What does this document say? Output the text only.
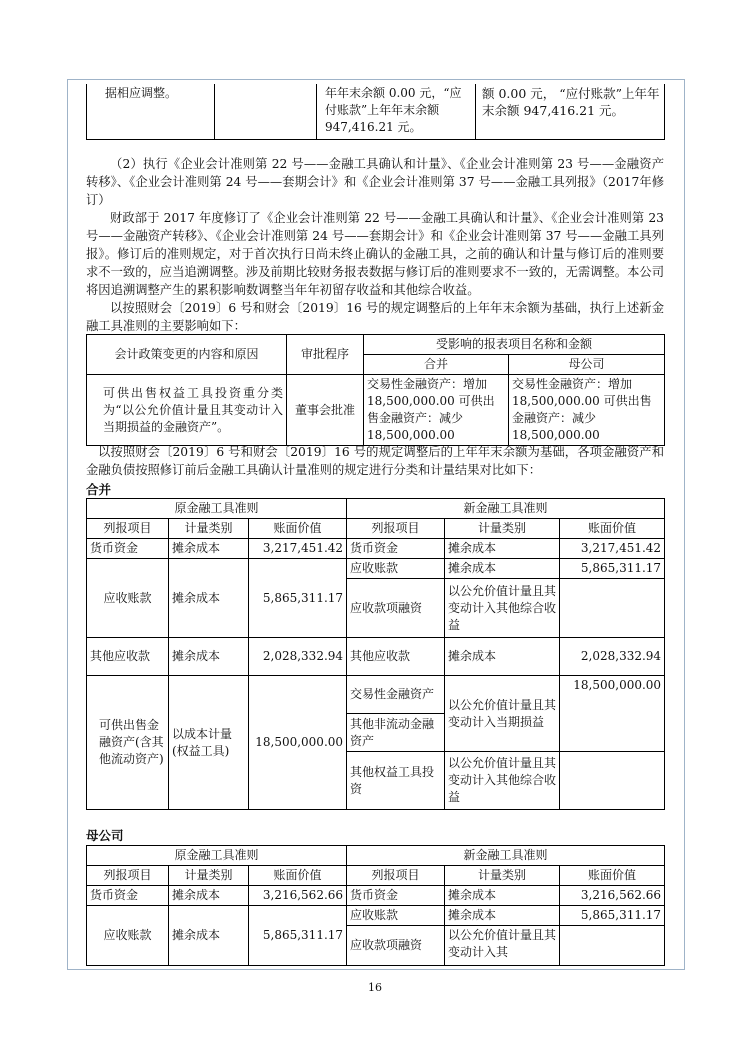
据相应调整。		年年末余额 0.00 元，“应付账款”上年年末余额 947,416.21 元。	额 0.00 元， “应付账款”上年年末余额 947,416.21 元。
（2）执行《企业会计准则第 22 号——金融工具确认和计量》、《企业会计准则第 23 号——金融资产转移》、《企业会计准则第 24 号——套期会计》和《企业会计准则第 37 号——金融工具列报》（2017年修订）
财政部于 2017 年度修订了《企业会计准则第 22 号——金融工具确认和计量》、《企业会计准则第 23 号——金融资产转移》、《企业会计准则第 24 号——套期会计》和《企业会计准则第 37 号——金融工具列报》。修订后的准则规定，对于首次执行日尚未终止确认的金融工具，之前的确认和计量与修订后的准则要求不一致的，应当追溯调整。涉及前期比较财务报表数据与修订后的准则要求不一致的，无需调整。本公司将因追溯调整产生的累积影响数调整当年年初留存收益和其他综合收益。
以按照财会〔2019〕6 号和财会〔2019〕16 号的规定调整后的上年年末余额为基础，执行上述新金融工具准则的主要影响如下：
会计政策变更的内容和原因	审批程序	受影响的报表项目名称和金额	
		合并	母公司
可供出售权益工具投资重分类为“以公允价值计量且其变动计入当期损益的金融资产”。	董事会批准	交易性金融资产：增加 18,500,000.00 可供出售金融资产：减少 18,500,000.00	交易性金融资产：增加 18,500,000.00 可供出售金融资产：减少 18,500,000.00
以按照财会〔2019〕6 号和财会〔2019〕16 号的规定调整后的上年年末余额为基础，各项金融资产和金融负债按照修订前后金融工具确认计量准则的规定进行分类和计量结果对比如下：
合并
原金融工具准则			新金融工具准则		
列报项目	计量类别	账面价值	列报项目	计量类别	账面价值
货币资金	摊余成本	3,217,451.42	货币资金	摊余成本	3,217,451.42
应收账款	摊余成本	5,865,311.17	应收账款	摊余成本	5,865,311.17
			应收款项融资	以公允价值计量且其变动计入其他综合收益	
其他应收款	摊余成本	2,028,332.94	其他应收款	摊余成本	2,028,332.94
可供出售金融资产(含其他流动资产)	以成本计量(权益工具)	18,500,000.00	交易性金融资产	以公允价值计量且其变动计入当期损益	18,500,000.00
			其他非流动金融资产		
			其他权益工具投资	以公允价值计量且其变动计入其他综合收益	
母公司
原金融工具准则			新金融工具准则		
列报项目	计量类别	账面价值	列报项目	计量类别	账面价值
货币资金	摊余成本	3,216,562.66	货币资金	摊余成本	3,216,562.66
应收账款	摊余成本	5,865,311.17	应收账款	摊余成本	5,865,311.17
			应收款项融资	以公允价值计量且其变动计入其	
16
